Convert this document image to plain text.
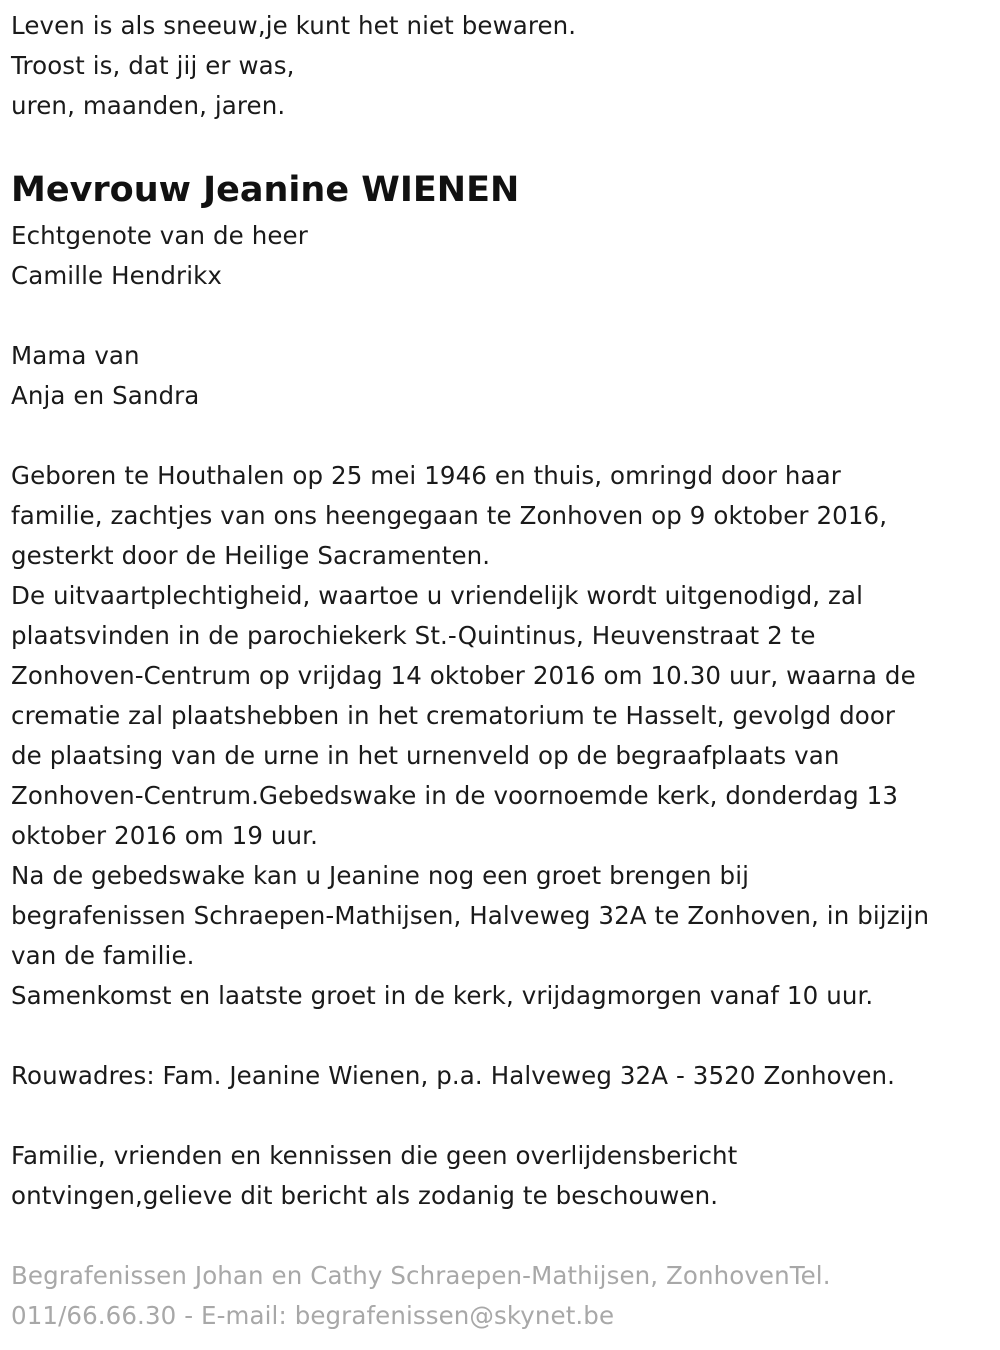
Leven is als sneeuw,je kunt het niet bewaren.
Troost is, dat jij er was,
uren, maanden, jaren.
Mevrouw Jeanine WIENEN
Echtgenote van de heer
Camille Hendrikx
Mama van
Anja en Sandra
Geboren te Houthalen op 25 mei 1946 en thuis, omringd door haar
familie, zachtjes van ons heengegaan te Zonhoven op 9 oktober 2016,
gesterkt door de Heilige Sacramenten.
De uitvaartplechtigheid, waartoe u vriendelijk wordt uitgenodigd, zal
plaatsvinden in de parochiekerk St.-Quintinus, Heuvenstraat 2 te
Zonhoven-Centrum op vrijdag 14 oktober 2016 om 10.30 uur, waarna de
crematie zal plaatshebben in het crematorium te Hasselt, gevolgd door
de plaatsing van de urne in het urnenveld op de begraafplaats van
Zonhoven-Centrum.Gebedswake in de voornoemde kerk, donderdag 13
oktober 2016 om 19 uur.
Na de gebedswake kan u Jeanine nog een groet brengen bij
begrafenissen Schraepen-Mathijsen, Halveweg 32A te Zonhoven, in bijzijn
van de familie.
Samenkomst en laatste groet in de kerk, vrijdagmorgen vanaf 10 uur.
Rouwadres: Fam. Jeanine Wienen, p.a. Halveweg 32A - 3520 Zonhoven.
Familie, vrienden en kennissen die geen overlijdensbericht
ontvingen,gelieve dit bericht als zodanig te beschouwen.
Begrafenissen Johan en Cathy Schraepen-Mathijsen, ZonhovenTel.
011/66.66.30 - E-mail: begrafenissen@skynet.be
